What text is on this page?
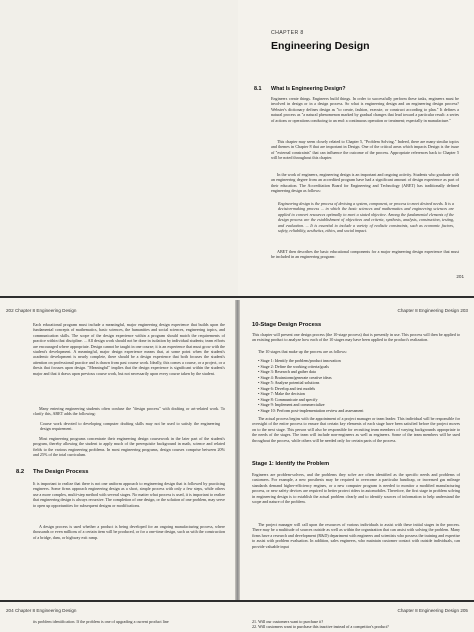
CHAPTER 8
Engineering Design
8.1 What Is Engineering Design?

Engineers create things. Engineers build things. In order to successfully perform these tasks, engineers must be involved in design or in a design process. So what is engineering design and an engineering design process? Webster's dictionary defines design as "to create, fashion, execute, or construct according to plan." It defines a natural process as "a natural phenomenon marked by gradual changes that lead toward a particular result: a series of actions or operations conducing to an end: a continuous operation or treatment; especially in manufacture."

This chapter may seem closely related to Chapter 5, "Problem Solving." Indeed, there are many similar topics and themes in Chapter 8 that are important in Design. One of the critical areas which impacts Design is the issue of "external constraints" that can influence the outcome of the process. Appropriate references back to Chapter 5 will be noted throughout this chapter.

In the work of engineers, engineering design is an important and ongoing activity. Students who graduate with an engineering degree from an accredited program have had a significant amount of design experience as part of their education. The Accreditation Board for Engineering and Technology (ABET) has traditionally defined engineering design as follows:

Engineering design is the process of devising a system, component, or process to meet desired needs. It is a decision-making process ... in which the basic sciences and mathematics and engineering sciences are applied to convert resources optimally to meet a stated objective. Among the fundamental elements of the design process are the establishment of objectives and criteria, synthesis, analysis, construction, testing, and evaluation. ... It is essential to include a variety of realistic constraints, such as economic factors, safety, reliability, aesthetics, ethics, and social impact.

ABET then describes the basic educational components for a major engineering design experience that must be included in an engineering program:

201
202 Chapter 8 Engineering Design

Each educational program must include a meaningful, major engineering design experience that builds upon the fundamental concepts of mathematics, basic sciences, the humanities and social sciences, engineering topics, and communication skills. The scope of the design experience within a program should match the requirements of practice within that discipline. ... All design work should not be done in isolation by individual students; team efforts are encouraged where appropriate. Design cannot be taught in one course; it is an experience that must grow with the student's development. A meaningful, major design experience means that, at some point when the student's academic development is nearly complete, there should be a design experience that both focuses the student's attention on professional practice and is drawn from past course work. Ideally, this comes a course, or a project, or a thesis that focuses upon design. "Meaningful" implies that the design experience is significant within the student's major and that it draws upon previous course work, but not necessarily upon every course taken by the student.

Many entering engineering students often confuse the "design process" with drafting or art-related work. To clarify this, ABET adds the following:

Course work devoted to developing computer drafting skills may not be used to satisfy the engineering design requirement.

Most engineering programs concentrate their engineering design coursework in the later part of the student's program, thereby allowing the student to apply much of the prerequisite background in math, science and related fields to the various engineering problems. In most engineering programs, design courses comprise between 20% and 25% of the total curriculum.

8.2 The Design Process

It is important to realize that there is not one uniform approach to engineering design that is followed by practicing engineers. Some firms approach engineering design as a short, simple process with only a few steps, while others use a more complex, multi-step method with several stages. No matter what process is used, it is important to realize that engineering design is always recursive. The completion of one design, or the solution of one problem, may serve to open up opportunities for subsequent designs or modifications.

A design process is used whether a product is being developed for an ongoing manufacturing process, where thousands or even millions of a certain item will be produced, or for a one-time design, such as with the construction of a bridge, dam, or highway exit ramp.

Chapter 8 Engineering Design 203
10-Stage Design Process

This chapter will present one design process (the 10-stage process) that is presently in use. This process will then be applied to an existing product to analyze how each of the 10 stages may have been applied to the product's realization.

The 10 stages that make up the process are as follows:

• Stage 1: Identify the problem/product innovation
• Stage 2: Define the working criteria/goals
• Stage 3: Research and gather data
• Stage 4: Brainstorm/generate creative ideas
• Stage 5: Analyze potential solutions
• Stage 6: Develop and test models
• Stage 7: Make the decision
• Stage 8: Communicate and specify
• Stage 9: Implement and commercialize
• Stage 10: Perform post-implementation review and assessment

The actual process begins with the appointment of a project manager or team leader. This individual will be responsible for oversight of the entire process to ensure that certain key elements of each stage have been satisfied before the project moves on to the next stage. This person will also be responsible for recruiting team members of varying backgrounds appropriate to the needs of the stages. The team will include non-engineers as well as engineers. Some of the team members will be used throughout the process, while others will be needed only for certain parts of the process.

Stage 1: Identify the Problem

Engineers are problem-solvers, and the problems they solve are often identified as the specific needs and problems of customers. For example, a new prosthesis may be required to overcome a particular handicap, or increased gas mileage standards demand higher-efficiency engines, or a new computer program is needed to monitor a modified manufacturing process, or new safety devices are required to better protect riders in automobiles. Therefore, the first stage in problem solving in engineering design is to establish the actual problem clearly and to identify sources of information to help understand the scope and nature of the problem.

The project manager will call upon the resources of various individuals to assist with these initial stages in the process. There may be a multitude of sources outside as well as within the organization that can assist with solving the problem. Many firms have a research and development (R&D) department with engineers and scientists who possess the training and expertise to assist with problem evaluation. In addition, sales engineers, who maintain customer contact with outside individuals, can provide valuable input

204 Chapter 8 Engineering Design

its problem identification. If the problem is one of upgrading a current product line

Chapter 8 Engineering Design 205
21. Will our customers want to purchase it?
22. Will customers want to purchase this inactive instead of a competitor's product?
